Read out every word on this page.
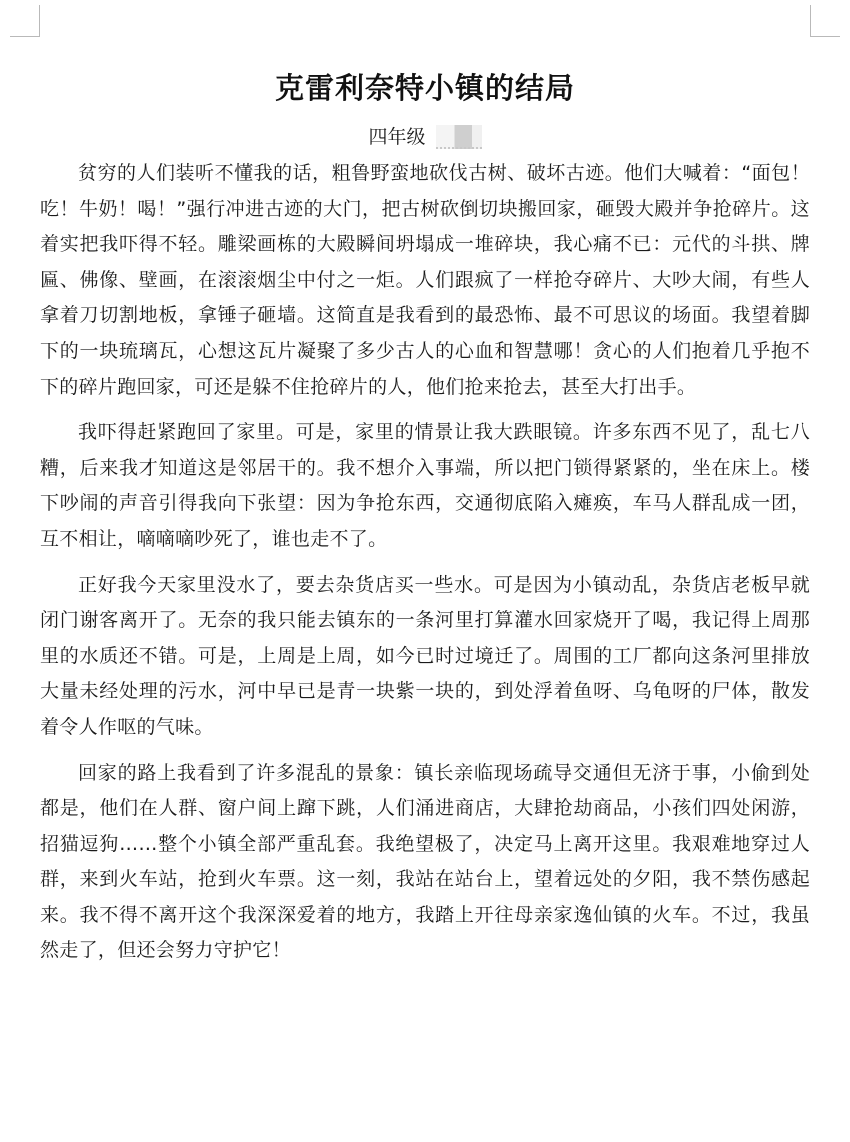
克雷利奈特小镇的结局
四年级

贫穷的人们装听不懂我的话，粗鲁野蛮地砍伐古树、破坏古迹。他们大喊着：“面包！吃！牛奶！喝！”强行冲进古迹的大门，把古树砍倒切块搬回家，砸毁大殿并争抢碎片。这着实把我吓得不轻。雕梁画栋的大殿瞬间坍塌成一堆碎块，我心痛不已：元代的斗拱、牌匾、佛像、壁画，在滚滚烟尘中付之一炬。人们跟疯了一样抢夺碎片、大吵大闹，有些人拿着刀切割地板，拿锤子砸墙。这简直是我看到的最恐怖、最不可思议的场面。我望着脚下的一块琉璃瓦，心想这瓦片凝聚了多少古人的心血和智慧哪！贪心的人们抱着几乎抱不下的碎片跑回家，可还是躲不住抢碎片的人，他们抢来抢去，甚至大打出手。

我吓得赶紧跑回了家里。可是，家里的情景让我大跌眼镜。许多东西不见了，乱七八糟，后来我才知道这是邻居干的。我不想介入事端，所以把门锁得紧紧的，坐在床上。楼下吵闹的声音引得我向下张望：因为争抢东西，交通彻底陷入瘫痪，车马人群乱成一团，互不相让，嘀嘀嘀吵死了，谁也走不了。

正好我今天家里没水了，要去杂货店买一些水。可是因为小镇动乱，杂货店老板早就闭门谢客离开了。无奈的我只能去镇东的一条河里打算灌水回家烧开了喝，我记得上周那里的水质还不错。可是，上周是上周，如今已时过境迁了。周围的工厂都向这条河里排放大量未经处理的污水，河中早已是青一块紫一块的，到处浮着鱼呀、乌龟呀的尸体，散发着令人作呕的气味。

回家的路上我看到了许多混乱的景象：镇长亲临现场疏导交通但无济于事，小偷到处都是，他们在人群、窗户间上蹿下跳，人们涌进商店，大肆抢劫商品，小孩们四处闲游，招猫逗狗……整个小镇全部严重乱套。我绝望极了，决定马上离开这里。我艰难地穿过人群，来到火车站，抢到火车票。这一刻，我站在站台上，望着远处的夕阳，我不禁伤感起来。我不得不离开这个我深深爱着的地方，我踏上开往母亲家逸仙镇的火车。不过，我虽然走了，但还会努力守护它！
